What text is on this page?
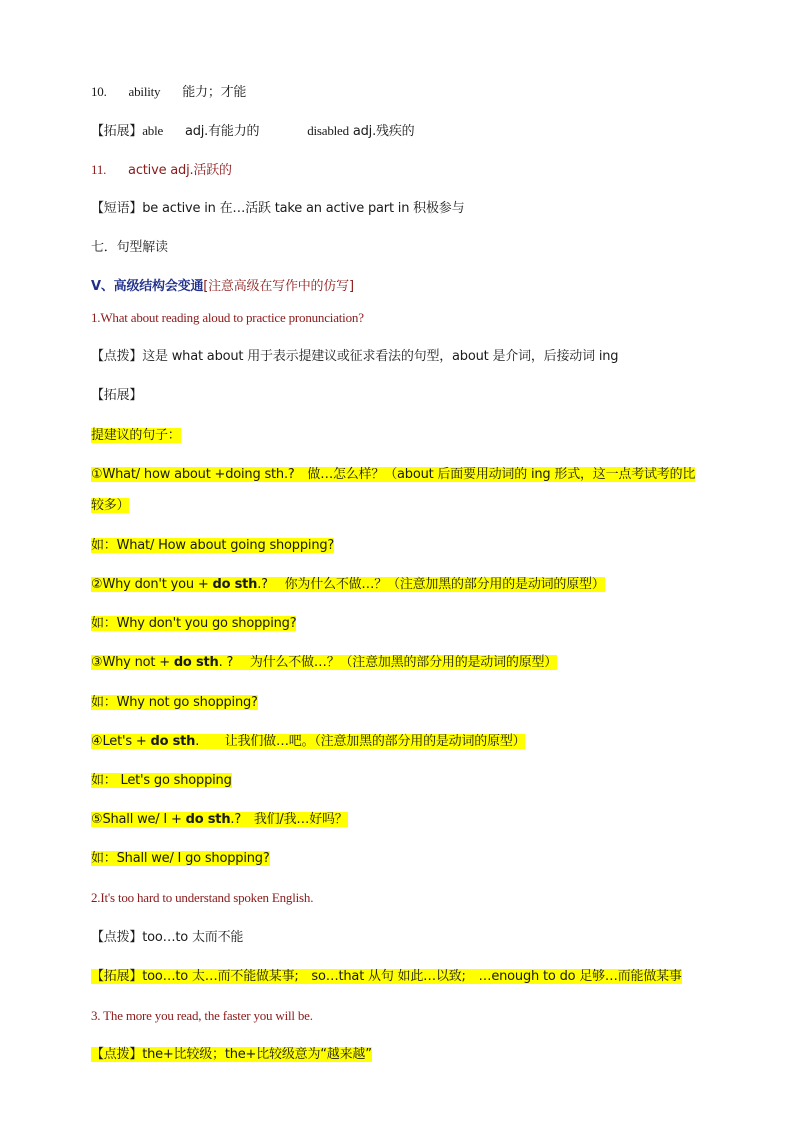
10. ability 能力；才能
【拓展】able adj.有能力的	disabled adj.残疾的
11. active adj.活跃的
【短语】be active in 在…活跃 take an active part in 积极参与
七．句型解读
V、高级结构会变通[注意高级在写作中的仿写]
1.What about reading aloud to practice pronunciation?
【点拨】这是 what about 用于表示提建议或征求看法的句型，about 是介词，后接动词 ing
【拓展】
提建议的句子：
①What/ how about +doing sth.?　做…怎么样？（about 后面要用动词的 ing 形式，这一点考试考的比
较多）
如：What/ How about going shopping?
②Why don't you + do sth.?　 你为什么不做…？（注意加黑的部分用的是动词的原型）
如：Why don't you go shopping?
③Why not + do sth. ?　 为什么不做…？（注意加黑的部分用的是动词的原型）
如：Why not go shopping?
④Let's + do sth.　　让我们做…吧。（注意加黑的部分用的是动词的原型）
如： Let's go shopping
⑤Shall we/ I + do sth.?　我们/我…好吗？
如：Shall we/ I go shopping?
2.It's too hard to understand spoken English.
【点拨】too…to 太而不能
【拓展】too…to 太…而不能做某事;　so…that 从句 如此…以致;　…enough to do 足够…而能做某事
3. The more you read, the faster you will be.
【点拨】the+比较级；the+比较级意为“越来越”
